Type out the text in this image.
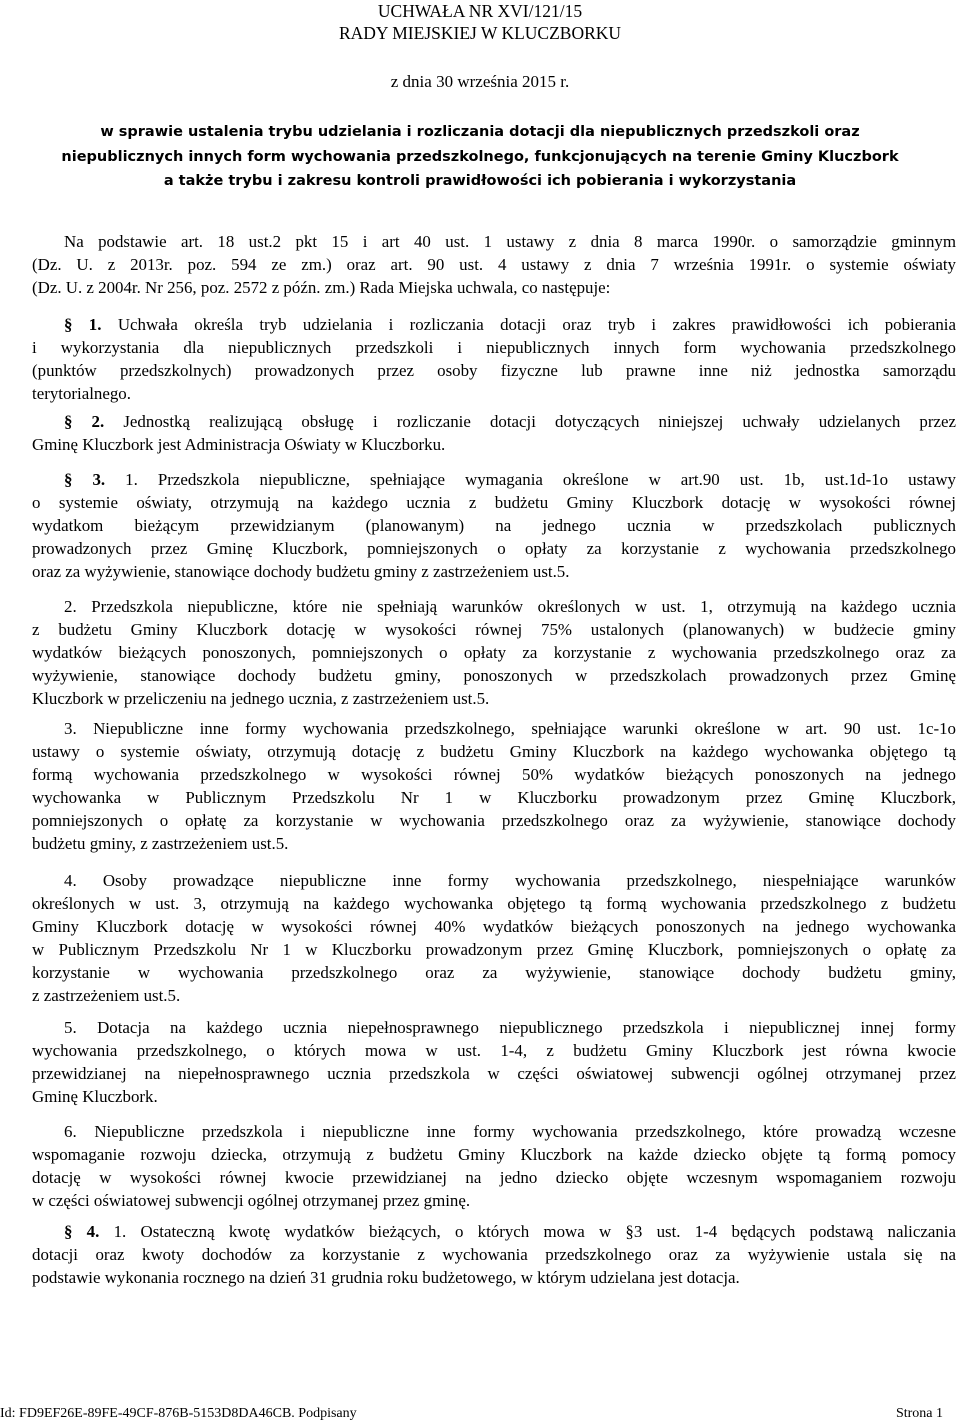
UCHWAŁA NR XVI/121/15
RADY MIEJSKIEJ W KLUCZBORKU
z dnia 30 września 2015 r.
w sprawie ustalenia trybu udzielania i rozliczania dotacji dla niepublicznych przedszkoli oraz
niepublicznych innych form wychowania przedszkolnego, funkcjonujących na terenie Gminy Kluczbork
a także trybu i zakresu kontroli prawidłowości ich pobierania i wykorzystania
Na podstawie art. 18 ust.2 pkt 15 i art 40 ust. 1 ustawy z dnia 8 marca 1990r. o samorządzie gminnym
(Dz. U. z 2013r. poz. 594 ze zm.) oraz art. 90 ust. 4 ustawy z dnia 7 września 1991r. o systemie oświaty
(Dz. U. z 2004r. Nr 256, poz. 2572 z późn. zm.) Rada Miejska uchwala, co następuje:
§ 1. Uchwała określa tryb udzielania i rozliczania dotacji oraz tryb i zakres prawidłowości ich pobierania
i wykorzystania dla niepublicznych przedszkoli i niepublicznych innych form wychowania przedszkolnego
(punktów przedszkolnych) prowadzonych przez osoby fizyczne lub prawne inne niż jednostka samorządu
terytorialnego.
§ 2. Jednostką realizującą obsługę i rozliczanie dotacji dotyczących niniejszej uchwały udzielanych przez
Gminę Kluczbork jest Administracja Oświaty w Kluczborku.
§ 3. 1. Przedszkola niepubliczne, spełniające wymagania określone w art.90 ust. 1b, ust.1d-1o ustawy
o systemie oświaty, otrzymują na każdego ucznia z budżetu Gminy Kluczbork dotację w wysokości równej
wydatkom bieżącym przewidzianym (planowanym) na jednego ucznia w przedszkolach publicznych
prowadzonych przez Gminę Kluczbork, pomniejszonych o opłaty za korzystanie z wychowania przedszkolnego
oraz za wyżywienie, stanowiące dochody budżetu gminy z zastrzeżeniem ust.5.
2. Przedszkola niepubliczne, które nie spełniają warunków określonych w ust. 1, otrzymują na każdego ucznia
z budżetu Gminy Kluczbork dotację w wysokości równej 75% ustalonych (planowanych) w budżecie gminy
wydatków bieżących ponoszonych, pomniejszonych o opłaty za korzystanie z wychowania przedszkolnego oraz za
wyżywienie, stanowiące dochody budżetu gminy, ponoszonych w przedszkolach prowadzonych przez Gminę
Kluczbork w przeliczeniu na jednego ucznia, z zastrzeżeniem ust.5.
3. Niepubliczne inne formy wychowania przedszkolnego, spełniające warunki określone w art. 90 ust. 1c-1o
ustawy o systemie oświaty, otrzymują dotację z budżetu Gminy Kluczbork na każdego wychowanka objętego tą
formą wychowania przedszkolnego w wysokości równej 50% wydatków bieżących ponoszonych na jednego
wychowanka w Publicznym Przedszkolu Nr 1 w Kluczborku prowadzonym przez Gminę Kluczbork,
pomniejszonych o opłatę za korzystanie w wychowania przedszkolnego oraz za wyżywienie, stanowiące dochody
budżetu gminy, z zastrzeżeniem ust.5.
4. Osoby prowadzące niepubliczne inne formy wychowania przedszkolnego, niespełniające warunków
określonych w ust. 3, otrzymują na każdego wychowanka objętego tą formą wychowania przedszkolnego z budżetu
Gminy Kluczbork dotację w wysokości równej 40% wydatków bieżących ponoszonych na jednego wychowanka
w Publicznym Przedszkolu Nr 1 w Kluczborku prowadzonym przez Gminę Kluczbork, pomniejszonych o opłatę za
korzystanie w wychowania przedszkolnego oraz za wyżywienie, stanowiące dochody budżetu gminy,
z zastrzeżeniem ust.5.
5. Dotacja na każdego ucznia niepełnosprawnego niepublicznego przedszkola i niepublicznej innej formy
wychowania przedszkolnego, o których mowa w ust. 1-4, z budżetu Gminy Kluczbork jest równa kwocie
przewidzianej na niepełnosprawnego ucznia przedszkola w części oświatowej subwencji ogólnej otrzymanej przez
Gminę Kluczbork.
6. Niepubliczne przedszkola i niepubliczne inne formy wychowania przedszkolnego, które prowadzą wczesne
wspomaganie rozwoju dziecka, otrzymują z budżetu Gminy Kluczbork na każde dziecko objęte tą formą pomocy
dotację w wysokości równej kwocie przewidzianej na jedno dziecko objęte wczesnym wspomaganiem rozwoju
w części oświatowej subwencji ogólnej otrzymanej przez gminę.
§ 4. 1. Ostateczną kwotę wydatków bieżących, o których mowa w §3 ust. 1-4 będących podstawą naliczania
dotacji oraz kwoty dochodów za korzystanie z wychowania przedszkolnego oraz za wyżywienie ustala się na
podstawie wykonania rocznego na dzień 31 grudnia roku budżetowego, w którym udzielana jest dotacja.
Id: FD9EF26E-89FE-49CF-876B-5153D8DA46CB. Podpisany	Strona 1
